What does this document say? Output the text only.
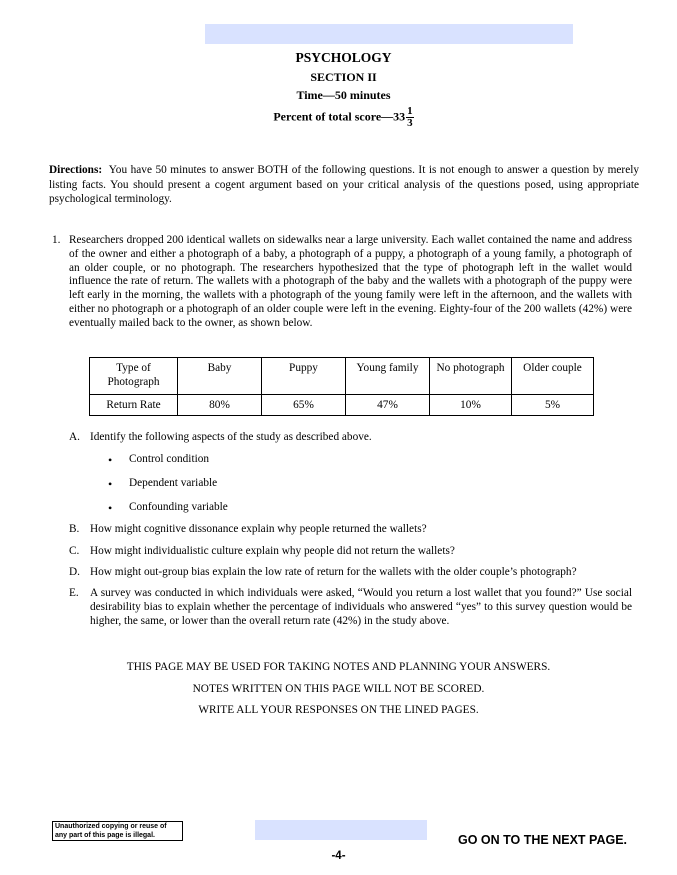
PSYCHOLOGY
SECTION II
Time—50 minutes
Percent of total score—33 $\frac{1}{3}$
Directions: You have 50 minutes to answer BOTH of the following questions. It is not enough to answer a question by merely listing facts. You should present a cogent argument based on your critical analysis of the questions posed, using appropriate psychological terminology.
1. Researchers dropped 200 identical wallets on sidewalks near a large university. Each wallet contained the name and address of the owner and either a photograph of a baby, a photograph of a puppy, a photograph of a young family, a photograph of an older couple, or no photograph. The researchers hypothesized that the type of photograph left in the wallet would influence the rate of return. The wallets with a photograph of the baby and the wallets with a photograph of the puppy were left early in the morning, the wallets with a photograph of the young family were left in the afternoon, and the wallets with either no photograph or a photograph of an older couple were left in the evening. Eighty-four of the 200 wallets (42%) were eventually mailed back to the owner, as shown below.
Type of Photograph	Baby	Puppy	Young family	No photograph	Older couple
Return Rate	80%	65%	47%	10%	5%
A. Identify the following aspects of the study as described above.
• Control condition
• Dependent variable
• Confounding variable
B. How might cognitive dissonance explain why people returned the wallets?
C. How might individualistic culture explain why people did not return the wallets?
D. How might out-group bias explain the low rate of return for the wallets with the older couple’s photograph?
E. A survey was conducted in which individuals were asked, “Would you return a lost wallet that you found?” Use social desirability bias to explain whether the percentage of individuals who answered “yes” to this survey question would be higher, the same, or lower than the overall return rate (42%) in the study above.
THIS PAGE MAY BE USED FOR TAKING NOTES AND PLANNING YOUR ANSWERS.
NOTES WRITTEN ON THIS PAGE WILL NOT BE SCORED.
WRITE ALL YOUR RESPONSES ON THE LINED PAGES.
Unauthorized copying or reuse of any part of this page is illegal.	GO ON TO THE NEXT PAGE.
-4-
